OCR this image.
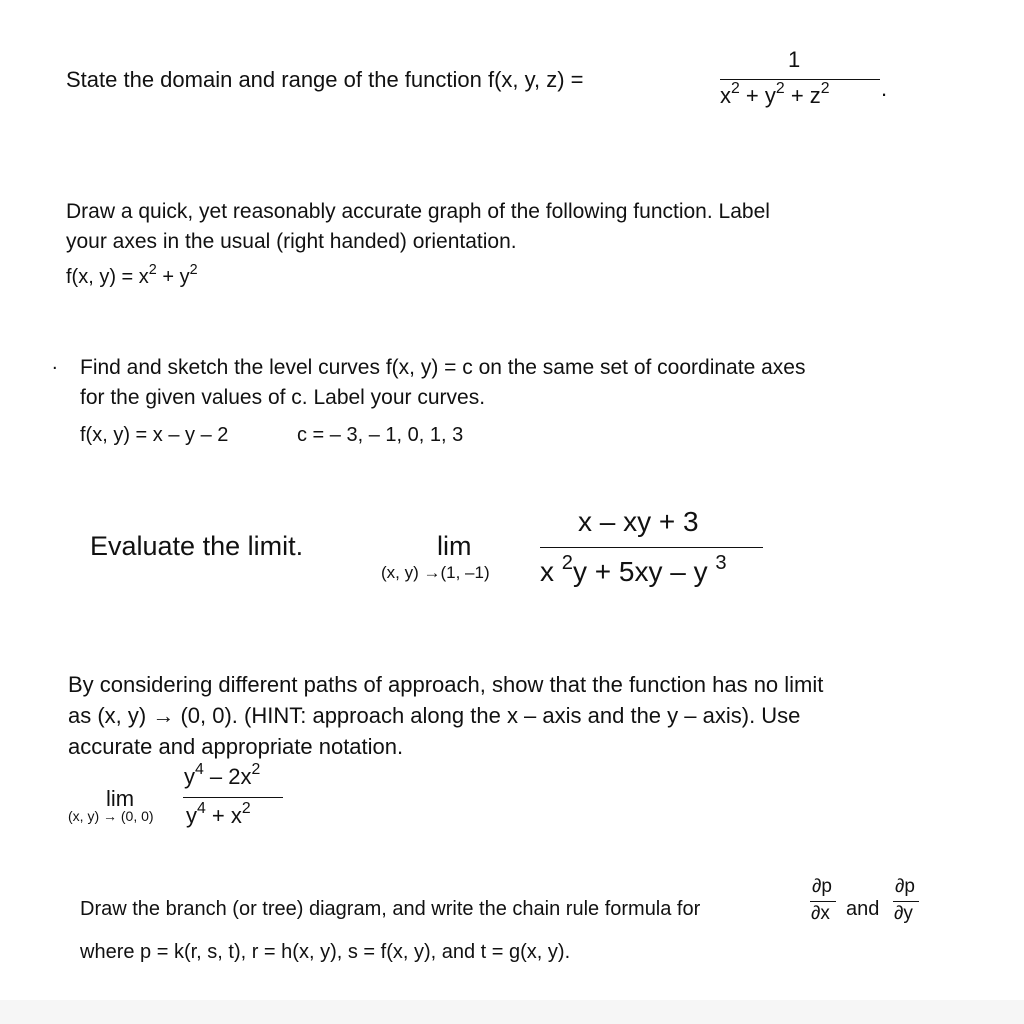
State the domain and range of the function f(x, y, z) =
1
$x^2 + y^2 + z^2$ .
Draw a quick, yet reasonably accurate graph of the following function. Label
your axes in the usual (right handed) orientation.
f(x, $y) = x^2 + y^2$
. Find and sketch the level curves f(x, y) = c on the same set of coordinate axes
for the given values of c. Label your curves.
f(x, y) = x – y – 2	c = – 3, – 1, 0, 1, 3
Evaluate the limit.	lim
(x, y) →(1, –1)
x – xy + 3
x $^2$y + 5xy – y $^3$
By considering different paths of approach, show that the function has no limit
as (x, y) → (0, 0). (HINT: approach along the x – axis and the y – axis). Use
accurate and appropriate notation.
lim
(x, y) → (0, 0)
$y^4 - 2x^2$
$y^4 + x^2$
Draw the branch (or tree) diagram, and write the chain rule formula for
∂p
∂x and
∂p
∂y
where p = k(r, s, t), r = h(x, y), s = f(x, y), and t = g(x, y).
